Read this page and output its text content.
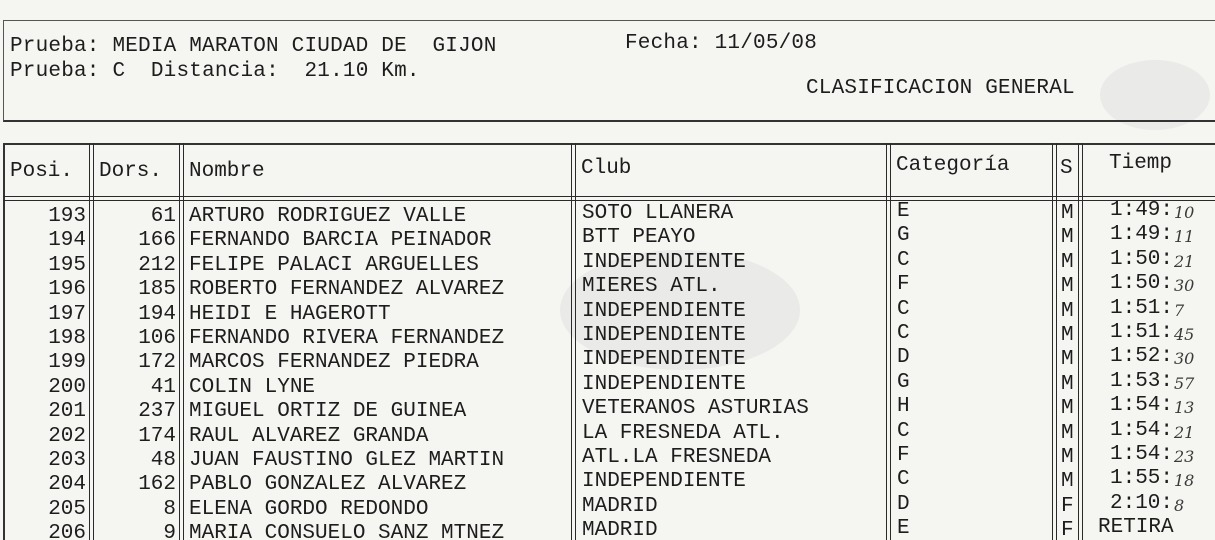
Prueba: MEDIA MARATON CIUDAD DE  GIJON	Fecha: 11/05/08
Prueba: C Distancia: 21.10 Km.
CLASIFICACION GENERAL
Posi. Dors. Nombre	Club	Categoría S Tiemp
193	61 ARTURO RODRIGUEZ VALLE	SOTO LLANERA	E	M 1:49: 10
194	166 FERNANDO BARCIA PEINADOR	BTT PEAYO	G	M 1:49: 11
195	212 FELIPE PALACI ARGUELLES	INDEPENDIENTE	C	M 1:50: 21
196	185 ROBERTO FERNANDEZ ALVAREZ	MIERES ATL.	F	M 1:50: 30
197	194 HEIDI E HAGEROTT	INDEPENDIENTE	C	M 1:51: 7
198	106 FERNANDO RIVERA FERNANDEZ	INDEPENDIENTE	C	M 1:51: 45
199	172 MARCOS FERNANDEZ PIEDRA	INDEPENDIENTE	D	M 1:52: 30
200	41 COLIN LYNE	INDEPENDIENTE	G	M 1:53: 57
201	237 MIGUEL ORTIZ DE GUINEA	VETERANOS ASTURIAS	H	M 1:54: 13
202	174 RAUL ALVAREZ GRANDA	LA FRESNEDA ATL.	C	M 1:54: 21
203	48 JUAN FAUSTINO GLEZ MARTIN	ATL.LA FRESNEDA	F	M 1:54: 23
204	162 PABLO GONZALEZ ALVAREZ	INDEPENDIENTE	C	M 1:55: 18
205	8 ELENA GORDO REDONDO	MADRID	D	F 2:10: 8
206	9 MARIA CONSUELO SANZ MTNEZ	MADRID	E	F RETIRA
